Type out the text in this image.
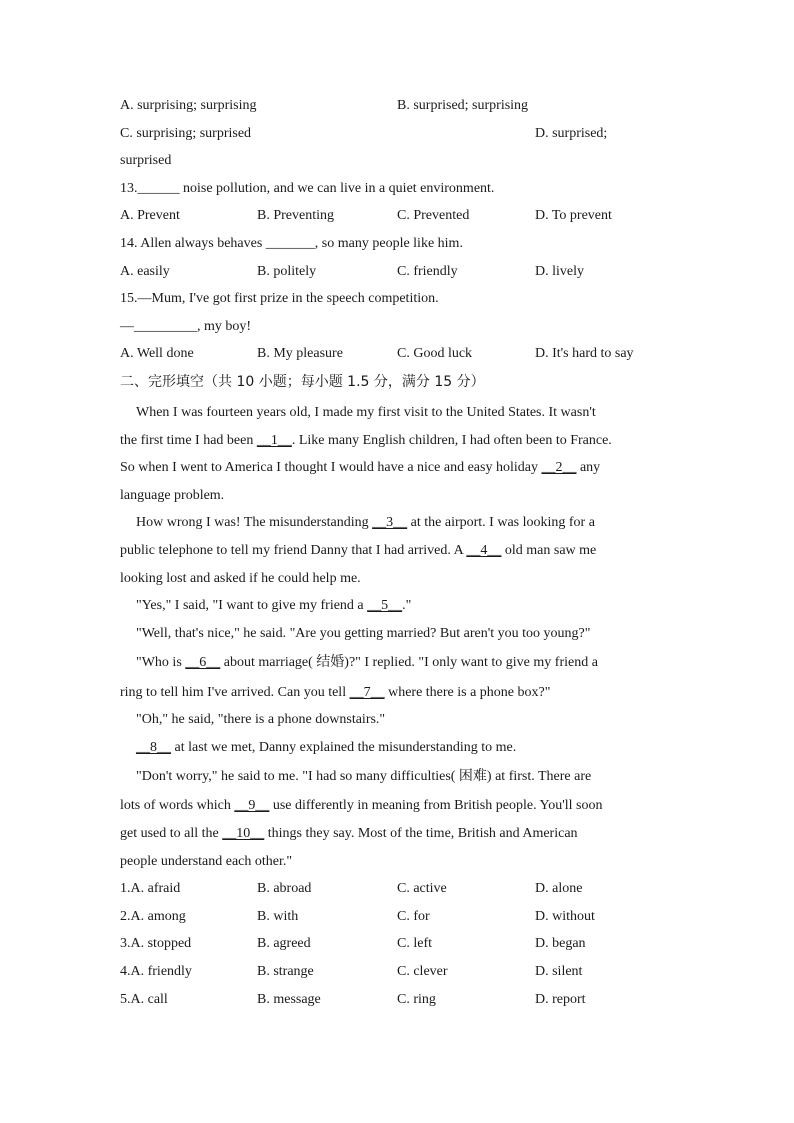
A. surprising; surprising	B. surprised; surprising
C. surprising; surprised	D. surprised;
surprised
13.______ noise pollution, and we can live in a quiet environment.
A. Prevent	B. Preventing	C. Prevented	D. To prevent
14. Allen always behaves _______, so many people like him.
A. easily	B. politely	C. friendly	D. lively
15.—Mum, I've got first prize in the speech competition.
—_________, my boy!
A. Well done	B. My pleasure	C. Good luck	D. It's hard to say
二、完形填空（共 10 小题；每小题 1.5 分，满分 15 分）
When I was fourteen years old, I made my first visit to the United States. It wasn't
the first time I had been __1__. Like many English children, I had often been to France.
So when I went to America I thought I would have a nice and easy holiday __2__ any
language problem.
How wrong I was! The misunderstanding __3__ at the airport. I was looking for a
public telephone to tell my friend Danny that I had arrived. A __4__ old man saw me
looking lost and asked if he could help me.
"Yes," I said, "I want to give my friend a __5__."
"Well, that's nice," he said. "Are you getting married? But aren't you too young?"
"Who is __6__ about marriage( 结婚)?" I replied. "I only want to give my friend a
ring to tell him I've arrived. Can you tell __7__ where there is a phone box?"
"Oh," he said, "there is a phone downstairs."
__8__ at last we met, Danny explained the misunderstanding to me.
"Don't worry," he said to me. "I had so many difficulties( 困难) at first. There are
lots of words which __9__ use differently in meaning from British people. You'll soon
get used to all the __10__ things they say. Most of the time, British and American
people understand each other."
1.A. afraid	B. abroad	C. active	D. alone
2.A. among	B. with	C. for	D. without
3.A. stopped	B. agreed	C. left	D. began
4.A. friendly	B. strange	C. clever	D. silent
5.A. call	B. message	C. ring	D. report
